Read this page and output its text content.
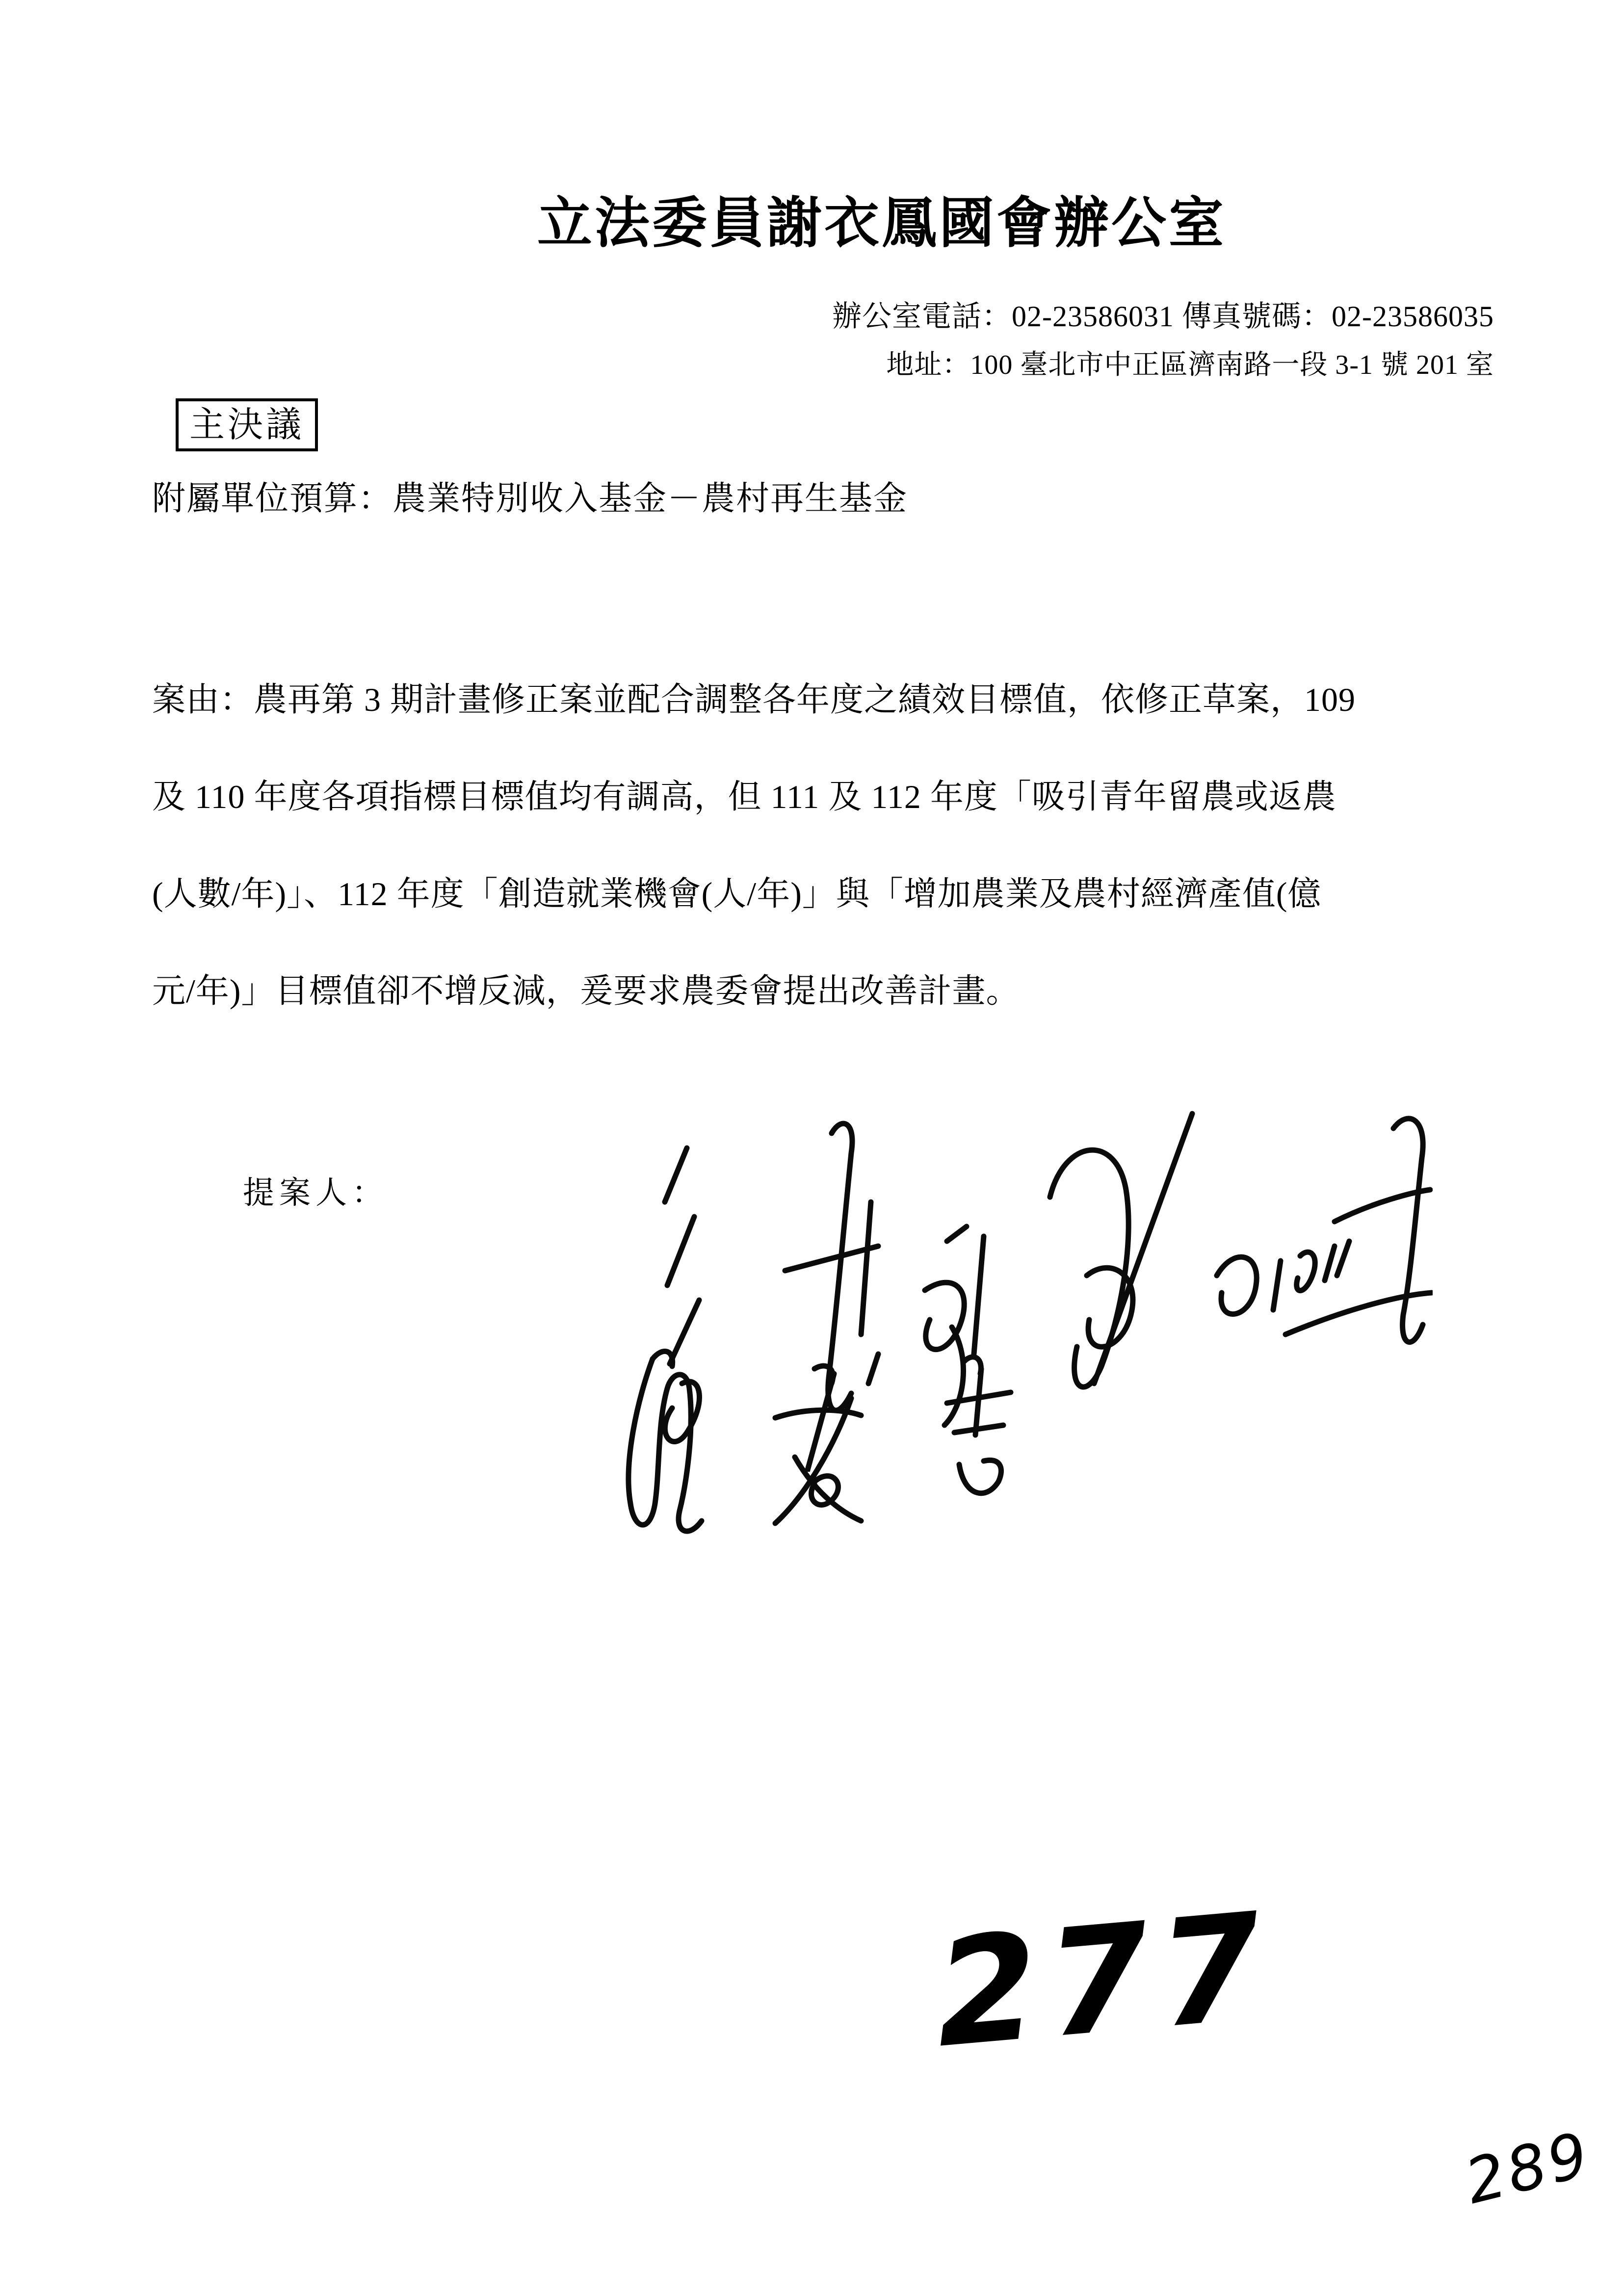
立法委員謝衣鳳國會辦公室
辦公室電話：02-23586031 傳真號碼：02-23586035
地址：100 臺北市中正區濟南路一段 3-1 號 201 室
主決議
附屬單位預算：農業特別收入基金－農村再生基金
案由：農再第 3 期計畫修正案並配合調整各年度之績效目標值，依修正草案，109
及 110 年度各項指標目標值均有調高，但 111 及 112 年度「吸引青年留農或返農
(人數/年)」、112 年度「創造就業機會(人/年)」與「增加農業及農村經濟產值(億
元/年)」目標值卻不增反減，爰要求農委會提出改善計畫。
提案人：
277
289
